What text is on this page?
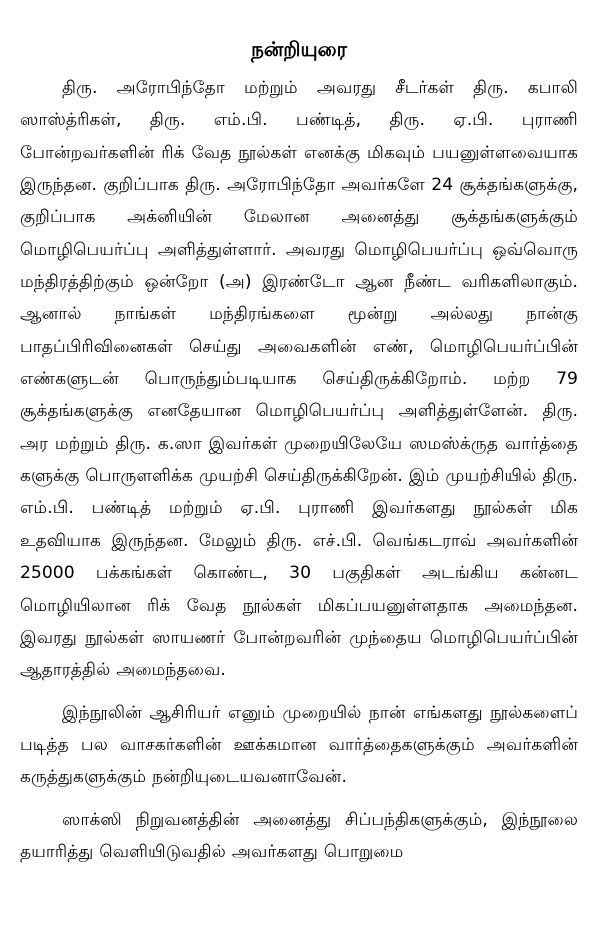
நன்றியுரை

திரு. அரோபிந்தோ மற்றும் அவரது சீடர்கள் திரு. கபாலி ஸாஸ்த்ரிகள், திரு. எம்.பி. பண்டித், திரு. ஏ.பி. புராணி போன்றவர்களின் ரிக் வேத நூல்கள் எனக்கு மிகவும் பயனுள்ளவையாக இருந்தன. குறிப்பாக திரு. அரோபிந்தோ அவர்களே 24 சூக்தங்களுக்கு, குறிப்பாக அக்னியின் மேலான அனைத்து சூக்தங்களுக்கும் மொழிபெயர்ப்பு அளித்துள்ளார். அவரது மொழிபெயர்ப்பு ஒவ்வொரு மந்திரத்திற்கும் ஒன்றோ (அ) இரண்டோ ஆன நீண்ட வரிகளிலாகும். ஆனால் நாங்கள் மந்திரங்களை மூன்று அல்லது நான்கு பாதப்பிரிவினைகள் செய்து அவைகளின் எண், மொழிபெயர்ப்பின் எண்களுடன் பொருந்தும்படியாக செய்திருக்கிறோம். மற்ற 79 சூக்தங்களுக்கு எனதேயான மொழிபெயர்ப்பு அளித்துள்ளேன். திரு. அர மற்றும் திரு. க.ஸா இவர்கள் முறையிலேயே ஸமஸ்க்ருத வார்த்தை களுக்கு பொருளளிக்க முயற்சி செய்திருக்கிறேன். இம் முயற்சியில் திரு. எம்.பி. பண்டித் மற்றும் ஏ.பி. புராணி இவர்களது நூல்கள் மிக உதவியாக இருந்தன. மேலும் திரு. எச்.பி. வெங்கடராவ் அவர்களின் 25000 பக்கங்கள் கொண்ட, 30 பகுதிகள் அடங்கிய கன்னட மொழியிலான ரிக் வேத நூல்கள் மிகப்பயனுள்ளதாக அமைந்தன. இவரது நூல்கள் ஸாயணர் போன்றவரின் முந்தைய மொழிபெயர்ப்பின் ஆதாரத்தில் அமைந்தவை.

இந்நூலின் ஆசிரியர் எனும் முறையில் நான் எங்களது நூல்களைப் படித்த பல வாசகர்களின் ஊக்கமான வார்த்தைகளுக்கும் அவர்களின் கருத்துகளுக்கும் நன்றியுடையவனாவேன்.

ஸாக்ஸி நிறுவனத்தின் அனைத்து சிப்பந்திகளுக்கும், இந்நூலை தயாரித்து வெளியிடுவதில் அவர்களது பொறுமை
